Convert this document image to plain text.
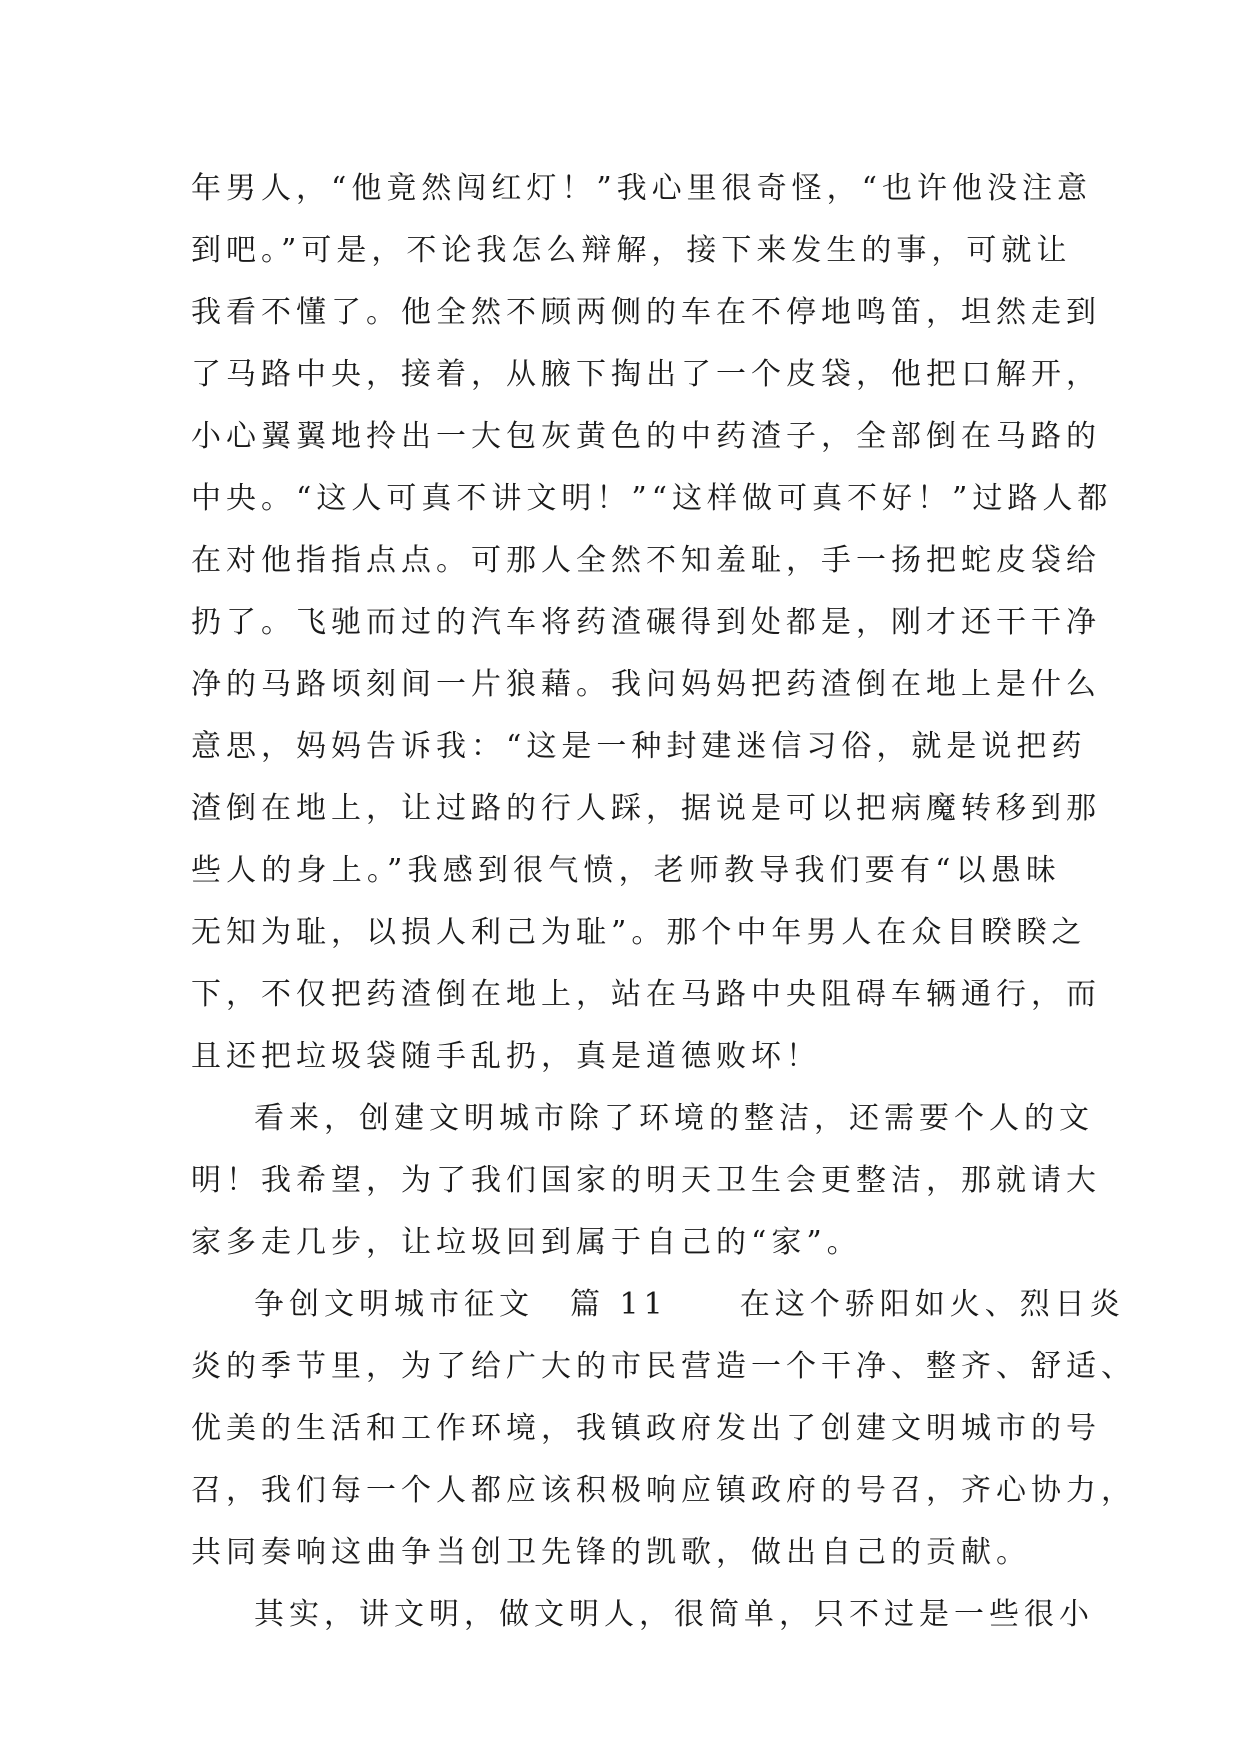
年男人，“他竟然闯红灯！”我心里很奇怪，“也许他没注意
到吧。”可是，不论我怎么辩解，接下来发生的事，可就让
我看不懂了。他全然不顾两侧的车在不停地鸣笛，坦然走到
了马路中央，接着，从腋下掏出了一个皮袋，他把口解开，
小心翼翼地拎出一大包灰黄色的中药渣子，全部倒在马路的
中央。“这人可真不讲文明！”“这样做可真不好！”过路人都
在对他指指点点。可那人全然不知羞耻，手一扬把蛇皮袋给
扔了。飞驰而过的汽车将药渣碾得到处都是，刚才还干干净
净的马路顷刻间一片狼藉。我问妈妈把药渣倒在地上是什么
意思，妈妈告诉我：“这是一种封建迷信习俗，就是说把药
渣倒在地上，让过路的行人踩，据说是可以把病魔转移到那
些人的身上。”我感到很气愤，老师教导我们要有“以愚昧
无知为耻，以损人利己为耻”。那个中年男人在众目睽睽之
下，不仅把药渣倒在地上，站在马路中央阻碍车辆通行，而
且还把垃圾袋随手乱扔，真是道德败坏！
看来，创建文明城市除了环境的整洁，还需要个人的文
明！我希望，为了我们国家的明天卫生会更整洁，那就请大
家多走几步，让垃圾回到属于自己的“家”。
争创文明城市征文 篇 11 在这个骄阳如火、烈日炎
炎的季节里，为了给广大的市民营造一个干净、整齐、舒适、
优美的生活和工作环境，我镇政府发出了创建文明城市的号
召，我们每一个人都应该积极响应镇政府的号召，齐心协力，
共同奏响这曲争当创卫先锋的凯歌，做出自己的贡献。
其实，讲文明，做文明人，很简单，只不过是一些很小
